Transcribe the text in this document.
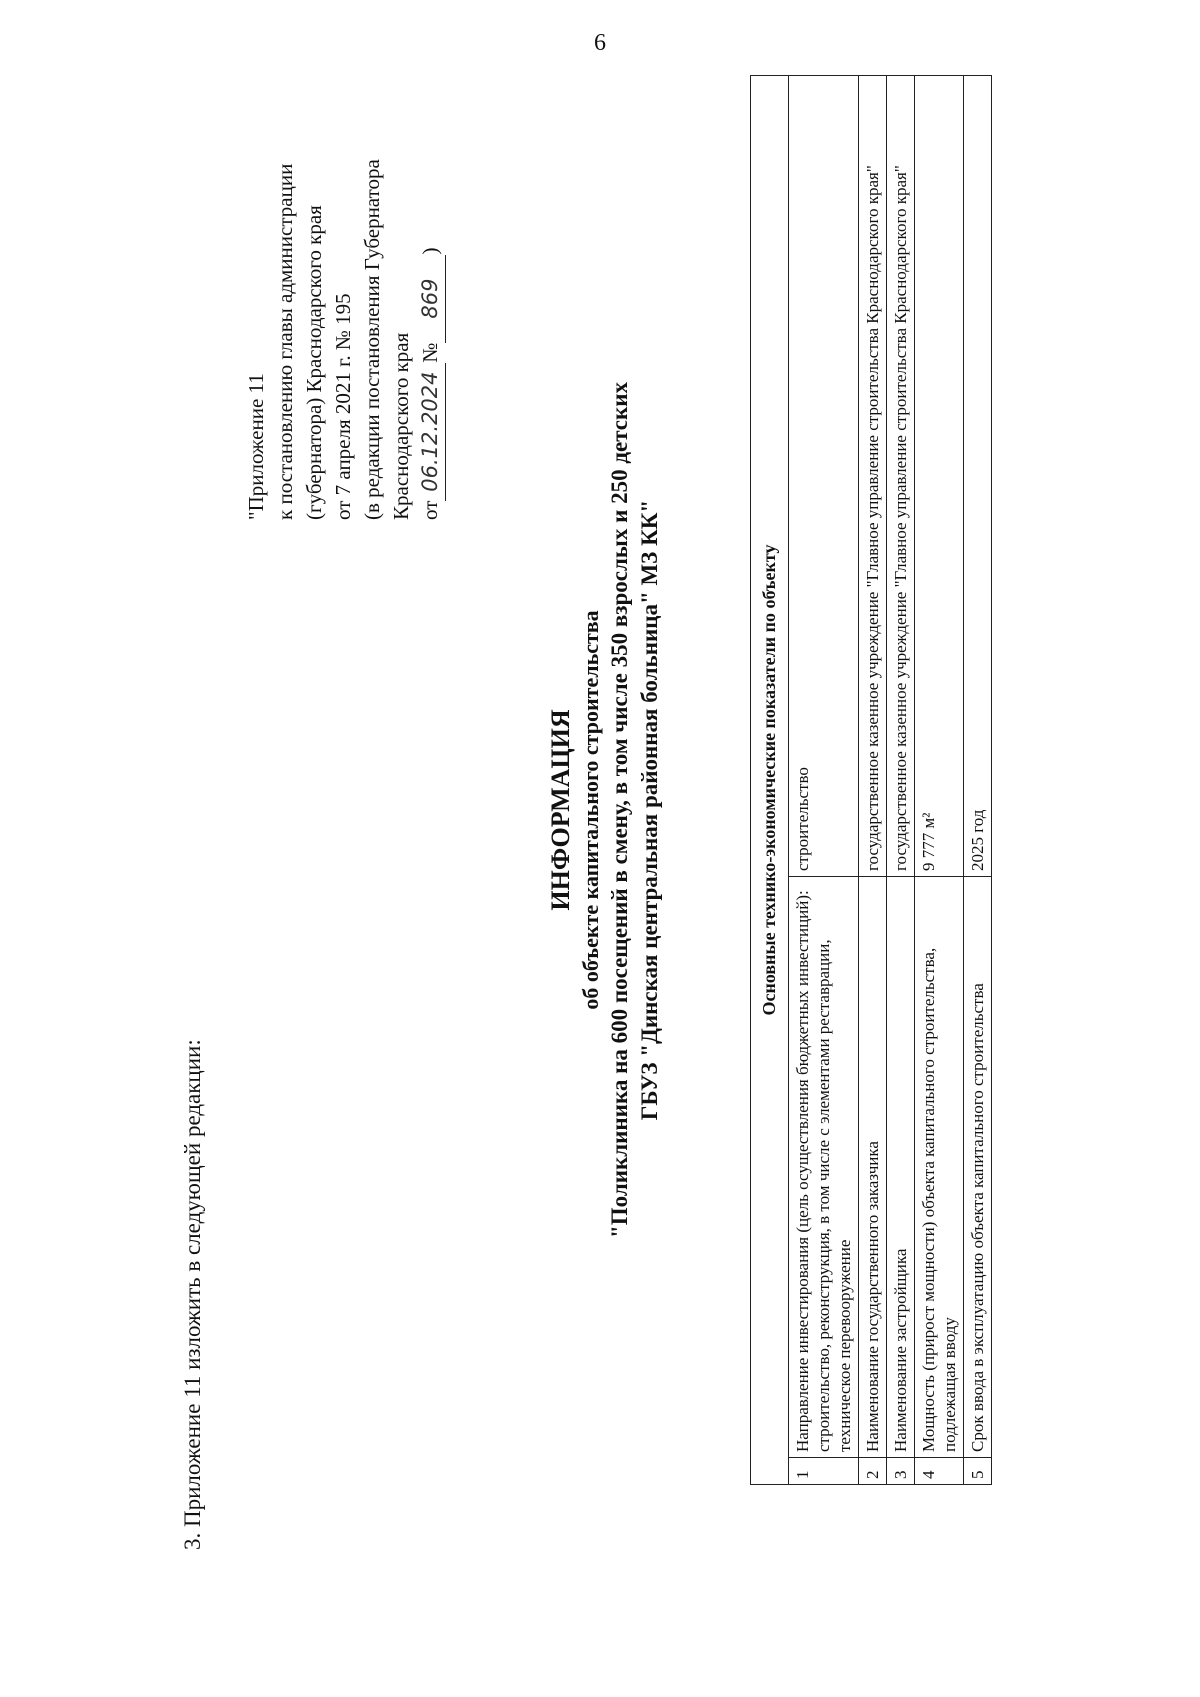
6
3. Приложение 11 изложить в следующей редакции:
"Приложение 11 к постановлению главы администрации (губернатора) Краснодарского края от 7 апреля 2021 г. № 195 (в редакции постановления Губернатора Краснодарского края от06.12.2024№869)
ИНФОРМАЦИЯ об объекте капитального строительства "Поликлиника на 600 посещений в смену, в том числе 350 взрослых и 250 детских ГБУЗ "Динская центральная районная больница" МЗ КК"	Основные технико-экономические показатели по объекту		
1	Направление инвестирования (цель осуществления бюджетных инвестиций): строительство, реконструкция, в том числе с элементами реставрации, техническое перевооружение	строительство
2	Наименование государственного заказчика	государственное казенное учреждение "Главное управление строительства Краснодарского края"
3	Наименование застройщика	государственное казенное учреждение "Главное управление строительства Краснодарского края"
4	Мощность (прирост мощности) объекта капитального строительства, подлежащая вводу	9 777 м²
5	Срок ввода в эксплуатацию объекта капитального строительства	2025 год
